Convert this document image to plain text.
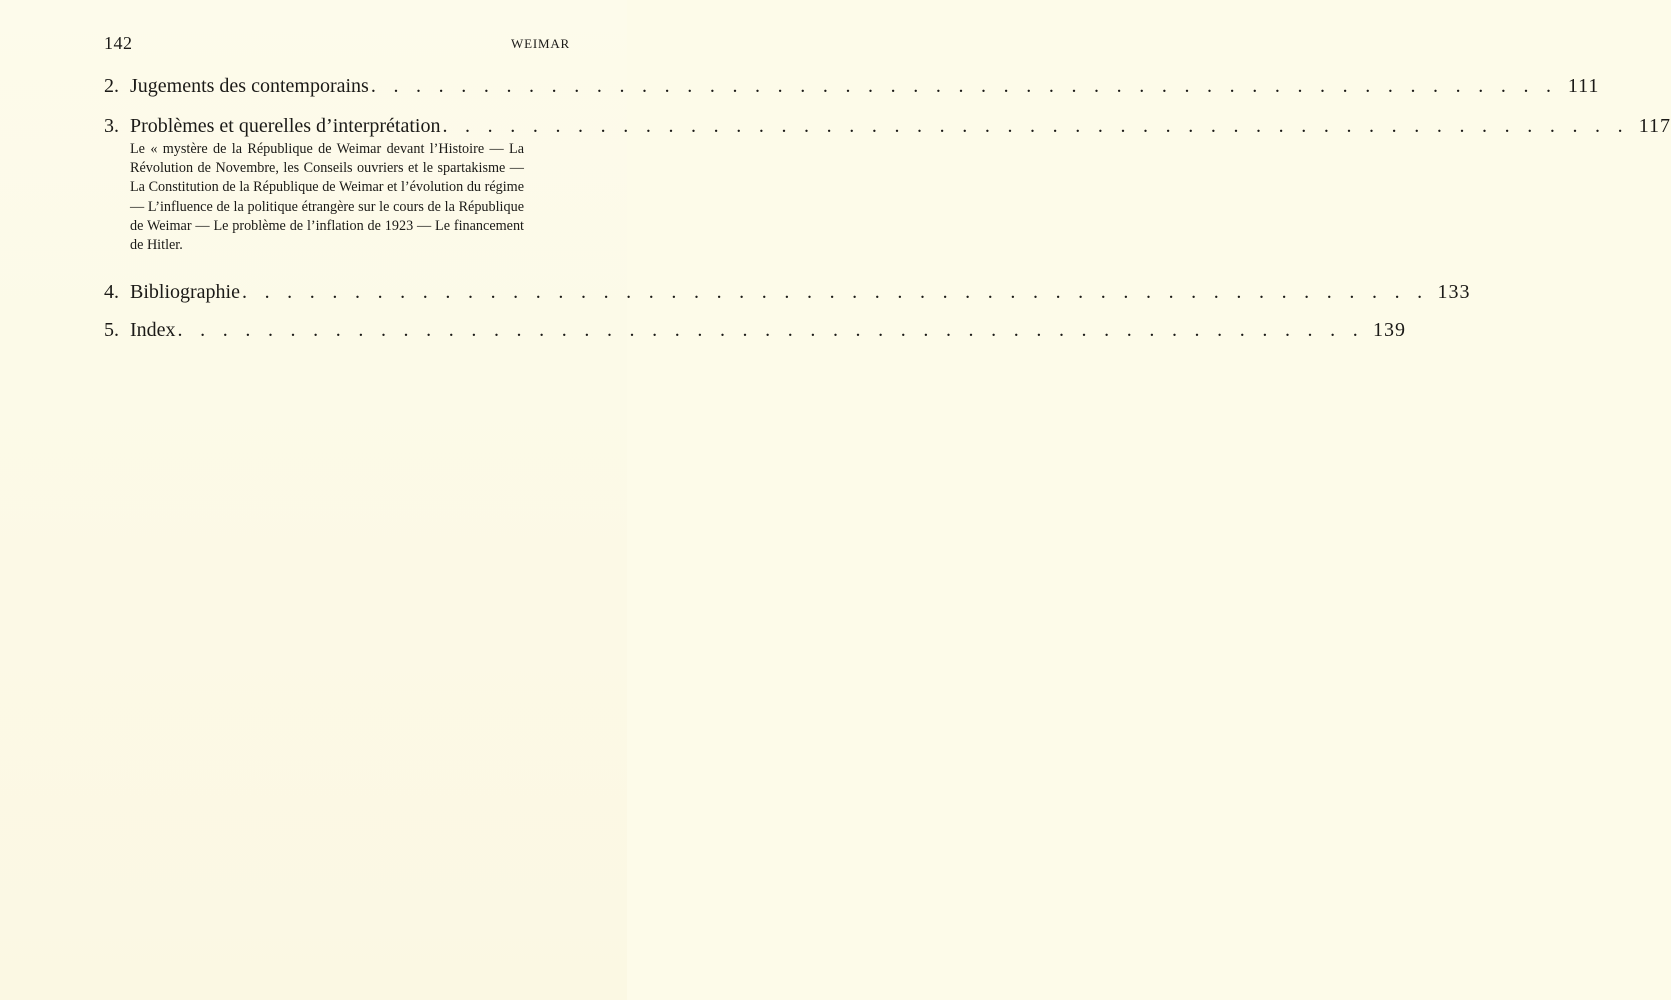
142	WEIMAR
2. Jugements des contemporains . . . . . . . . . . . . . . . . . . . . . . . . . . . . . . . . . . . . . . . . . . . . . . . . . . . . . 111
3. Problèmes et querelles d’interprétation . . . . . . . . . . . . . . . . . . . . . . . . . . . . . . . . . . . . . . . . . . . . . . . . . . . . . 117
Le « mystère de la République de Weimar devant l’Histoire — La Révolution de Novembre, les Conseils ouvriers et le spartakisme — La Constitution de la République de Weimar et l’évolution du régime — L’influence de la politique étrangère sur le cours de la République de Weimar — Le problème de l’inflation de 1923 — Le financement de Hitler.
4. Bibliographie . . . . . . . . . . . . . . . . . . . . . . . . . . . . . . . . . . . . . . . . . . . . . . . . . . . . . 133
5. Index . . . . . . . . . . . . . . . . . . . . . . . . . . . . . . . . . . . . . . . . . . . . . . . . . . . . . 139
